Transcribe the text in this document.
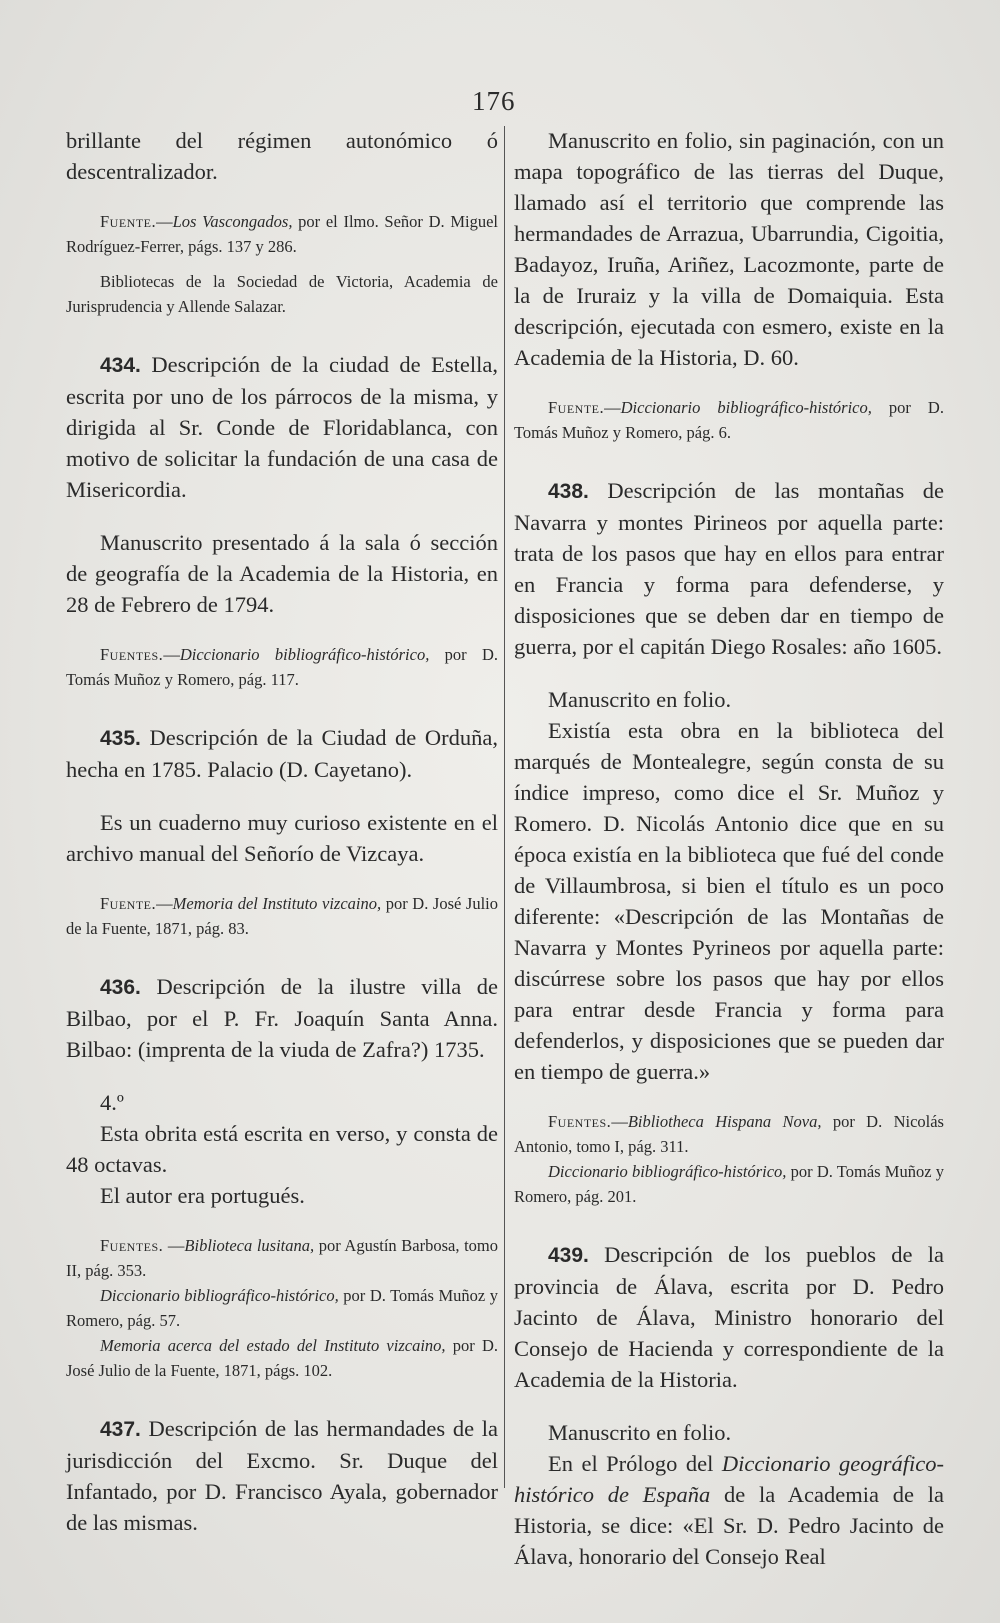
176

brillante del régimen autonómico ó descentralizador.

Fuente.—Los Vascongados, por el Ilmo. Señor D. Miguel Rodríguez-Ferrer, págs. 137 y 286.

Bibliotecas de la Sociedad de Victoria, Academia de Jurisprudencia y Allende Salazar.

434. Descripción de la ciudad de Estella, escrita por uno de los párrocos de la misma, y dirigida al Sr. Conde de Floridablanca, con motivo de solicitar la fundación de una casa de Misericordia.

Manuscrito presentado á la sala ó sección de geografía de la Academia de la Historia, en 28 de Febrero de 1794.

Fuentes.—Diccionario bibliográfico-histórico, por D. Tomás Muñoz y Romero, pág. 117.

435. Descripción de la Ciudad de Orduña, hecha en 1785. Palacio (D. Cayetano).

Es un cuaderno muy curioso existente en el archivo manual del Señorío de Vizcaya.

Fuente.—Memoria del Instituto vizcaino, por D. José Julio de la Fuente, 1871, pág. 83.

436. Descripción de la ilustre villa de Bilbao, por el P. Fr. Joaquín Santa Anna. Bilbao: (imprenta de la viuda de Zafra?) 1735.

4.º

Esta obrita está escrita en verso, y consta de 48 octavas.

El autor era portugués.

Fuentes. —Biblioteca lusitana, por Agustín Barbosa, tomo II, pág. 353.

Diccionario bibliográfico-histórico, por D. Tomás Muñoz y Romero, pág. 57.

Memoria acerca del estado del Instituto vizcaino, por D. José Julio de la Fuente, 1871, págs. 102.

437. Descripción de las hermandades de la jurisdicción del Excmo. Sr. Duque del Infantado, por D. Francisco Ayala, gobernador de las mismas.

Manuscrito en folio, sin paginación, con un mapa topográfico de las tierras del Duque, llamado así el territorio que comprende las hermandades de Arrazua, Ubarrundia, Cigoitia, Badayoz, Iruña, Ariñez, Lacozmonte, parte de la de Iruraiz y la villa de Domaiquia. Esta descripción, ejecutada con esmero, existe en la Academia de la Historia, D. 60.

Fuente.—Diccionario bibliográfico-histórico, por D. Tomás Muñoz y Romero, pág. 6.

438. Descripción de las montañas de Navarra y montes Pirineos por aquella parte: trata de los pasos que hay en ellos para entrar en Francia y forma para defenderse, y disposiciones que se deben dar en tiempo de guerra, por el capitán Diego Rosales: año 1605.

Manuscrito en folio.

Existía esta obra en la biblioteca del marqués de Montealegre, según consta de su índice impreso, como dice el Sr. Muñoz y Romero. D. Nicolás Antonio dice que en su época existía en la biblioteca que fué del conde de Villaumbrosa, si bien el título es un poco diferente: «Descripción de las Montañas de Navarra y Montes Pyrineos por aquella parte: discúrrese sobre los pasos que hay por ellos para entrar desde Francia y forma para defenderlos, y disposiciones que se pueden dar en tiempo de guerra.»

Fuentes.—Bibliotheca Hispana Nova, por D. Nicolás Antonio, tomo I, pág. 311.

Diccionario bibliográfico-histórico, por D. Tomás Muñoz y Romero, pág. 201.

439. Descripción de los pueblos de la provincia de Álava, escrita por D. Pedro Jacinto de Álava, Ministro honorario del Consejo de Hacienda y correspondiente de la Academia de la Historia.

Manuscrito en folio.

En el Prólogo del Diccionario geográfico-histórico de España de la Academia de la Historia, se dice: «El Sr. D. Pedro Jacinto de Álava, honorario del Consejo Real
